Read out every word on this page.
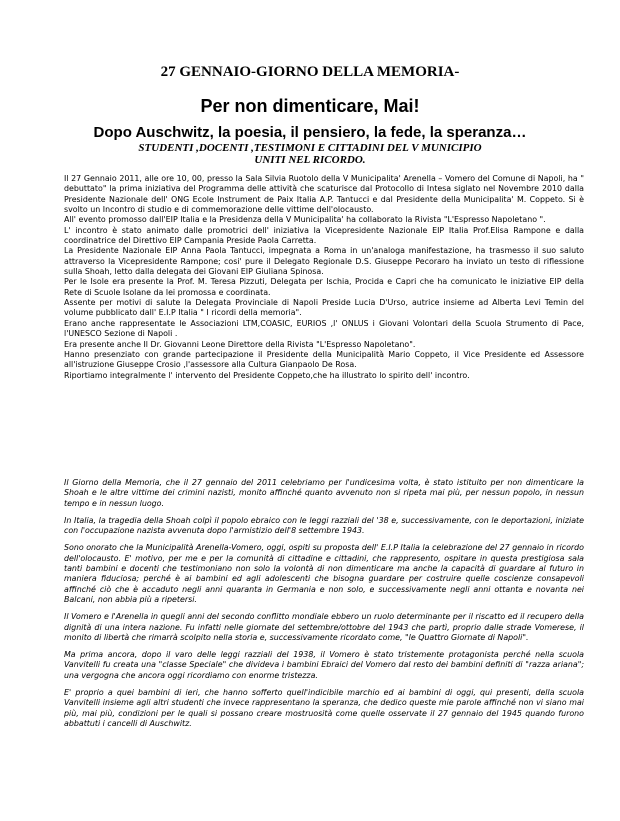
27 GENNAIO-GIORNO DELLA MEMORIA-

Per non dimenticare, Mai!

Dopo Auschwitz, la poesia, il pensiero, la fede, la speranza…

STUDENTI ,DOCENTI ,TESTIMONI E CITTADINI DEL V MUNICIPIO
UNITI NEL RICORDO.

Il 27 Gennaio 2011, alle ore 10, 00, presso la Sala Silvia Ruotolo della V Municipalita' Arenella – Vomero del Comune di Napoli, ha " debuttato" la prima iniziativa del Programma delle attività che scaturisce dal Protocollo di Intesa siglato nel Novembre 2010 dalla Presidente Nazionale dell' ONG Ecole Instrument de Paix Italia A.P. Tantucci e dal Presidente della Municipalita' M. Coppeto. Si è svolto un Incontro di studio e di commemorazione delle vittime dell'olocausto.

All' evento promosso dall'EIP Italia e la Presidenza della V Municipalita' ha collaborato la Rivista "L'Espresso Napoletano ".

L' incontro è stato animato dalle promotrici dell' iniziativa la Vicepresidente Nazionale EIP Italia Prof.Elisa Rampone e dalla coordinatrice del Direttivo EIP Campania Preside Paola Carretta.

La Presidente Nazionale EIP Anna Paola Tantucci, impegnata a Roma in un'analoga manifestazione, ha trasmesso il suo saluto attraverso la Vicepresidente Rampone; cosi' pure il Delegato Regionale D.S. Giuseppe Pecoraro ha inviato un testo di riflessione sulla Shoah, letto dalla delegata dei Giovani EIP Giuliana Spinosa.

Per le Isole era presente la Prof. M. Teresa Pizzuti, Delegata per Ischia, Procida e Capri che ha comunicato le iniziative EIP della Rete di Scuole Isolane da lei promossa e coordinata.

Assente per motivi di salute la Delegata Provinciale di Napoli Preside Lucia D'Urso, autrice insieme ad Alberta Levi Temin del volume pubblicato dall' E.I.P Italia " I ricordi della memoria".

Erano anche rappresentate le Associazioni LTM,COASIC, EURIOS ,l' ONLUS i Giovani Volontari della Scuola Strumento di Pace, l'UNESCO Sezione di Napoli .

Era presente anche Il Dr. Giovanni Leone Direttore della Rivista "L'Espresso Napoletano".

Hanno presenziato con grande partecipazione il Presidente della Municipalità Mario Coppeto, il Vice Presidente ed Assessore all'istruzione Giuseppe Crosio ,l'assessore alla Cultura Gianpaolo De Rosa.

Riportiamo integralmente l' intervento del Presidente Coppeto,che ha illustrato lo spirito dell' incontro.

Il Giorno della Memoria, che il 27 gennaio del 2011 celebriamo per l'undicesima volta, è stato istituito per non dimenticare la Shoah e le altre vittime dei crimini nazisti, monito affinché quanto avvenuto non si ripeta mai più, per nessun popolo, in nessun tempo e in nessun luogo.

In Italia, la tragedia della Shoah colpì il popolo ebraico con le leggi razziali del '38 e, successivamente, con le deportazioni, iniziate con l'occupazione nazista avvenuta dopo l'armistizio dell'8 settembre 1943.

Sono onorato che la Municipalità Arenella-Vomero, oggi, ospiti su proposta dell' E.I.P Italia la celebrazione del 27 gennaio in ricordo dell'olocausto. E' motivo, per me e per la comunità di cittadine e cittadini, che rappresento, ospitare in questa prestigiosa sala tanti bambini e docenti che testimoniano non solo la volontà di non dimenticare ma anche la capacità di guardare al futuro in maniera fiduciosa; perché è ai bambini ed agli adolescenti che bisogna guardare per costruire quelle coscienze consapevoli affinché ciò che è accaduto negli anni quaranta in Germania e non solo, e successivamente negli anni ottanta e novanta nei Balcani, non abbia più a ripetersi.

Il Vomero e l'Arenella in quegli anni del secondo conflitto mondiale ebbero un ruolo determinante per il riscatto ed il recupero della dignità di una intera nazione. Fu infatti nelle giornate del settembre/ottobre del 1943 che partì, proprio dalle strade Vomerese, il monito di libertà che rimarrà scolpito nella storia e, successivamente ricordato come, "le Quattro Giornate di Napoli".

Ma prima ancora, dopo il varo delle leggi razziali del 1938, il Vomero è stato tristemente protagonista perché nella scuola Vanvitelli fu creata una "classe Speciale" che divideva i bambini Ebraici del Vomero dal resto dei bambini definiti di "razza ariana"; una vergogna che ancora oggi ricordiamo con enorme tristezza.

E' proprio a quei bambini di ieri, che hanno sofferto quell'indicibile marchio ed ai bambini di oggi, qui presenti, della scuola Vanvitelli insieme agli altri studenti che invece rappresentano la speranza, che dedico queste mie parole affinché non vi siano mai più, mai più, condizioni per le quali si possano creare mostruosità come quelle osservate il 27 gennaio del 1945 quando furono abbattuti i cancelli di Auschwitz.
